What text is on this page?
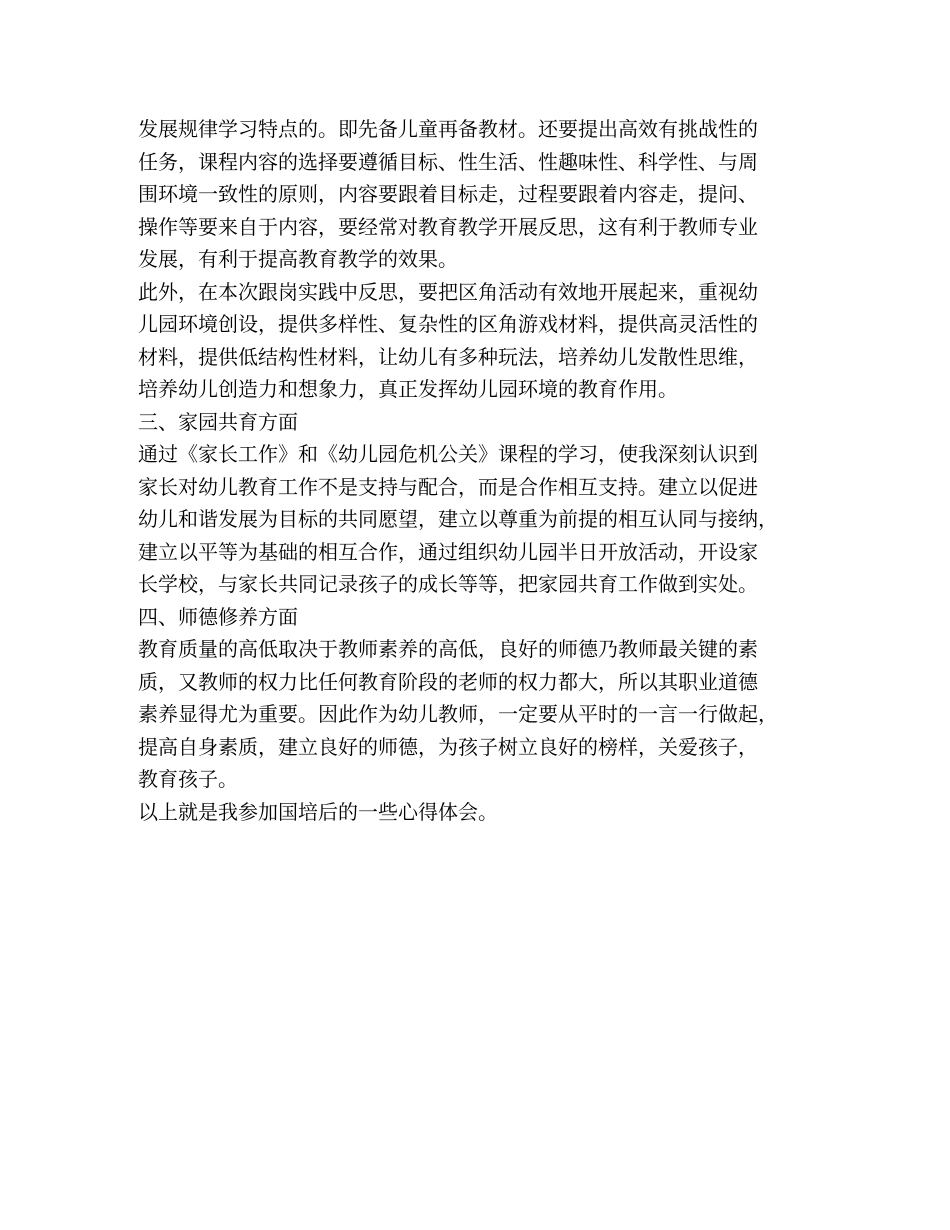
发展规律学习特点的。即先备儿童再备教材。还要提出高效有挑战性的
任务，课程内容的选择要遵循目标、性生活、性趣味性、科学性、与周
围环境一致性的原则，内容要跟着目标走，过程要跟着内容走，提问、
操作等要来自于内容，要经常对教育教学开展反思，这有利于教师专业
发展，有利于提高教育教学的效果。
此外，在本次跟岗实践中反思，要把区角活动有效地开展起来，重视幼
儿园环境创设，提供多样性、复杂性的区角游戏材料，提供高灵活性的
材料，提供低结构性材料，让幼儿有多种玩法，培养幼儿发散性思维，
培养幼儿创造力和想象力，真正发挥幼儿园环境的教育作用。
三、家园共育方面
通过《家长工作》和《幼儿园危机公关》课程的学习，使我深刻认识到
家长对幼儿教育工作不是支持与配合，而是合作相互支持。建立以促进
幼儿和谐发展为目标的共同愿望，建立以尊重为前提的相互认同与接纳，
建立以平等为基础的相互合作，通过组织幼儿园半日开放活动，开设家
长学校，与家长共同记录孩子的成长等等，把家园共育工作做到实处。
四、师德修养方面
教育质量的高低取决于教师素养的高低，良好的师德乃教师最关键的素
质，又教师的权力比任何教育阶段的老师的权力都大，所以其职业道德
素养显得尤为重要。因此作为幼儿教师，一定要从平时的一言一行做起，
提高自身素质，建立良好的师德，为孩子树立良好的榜样，关爱孩子，
教育孩子。
以上就是我参加国培后的一些心得体会。
